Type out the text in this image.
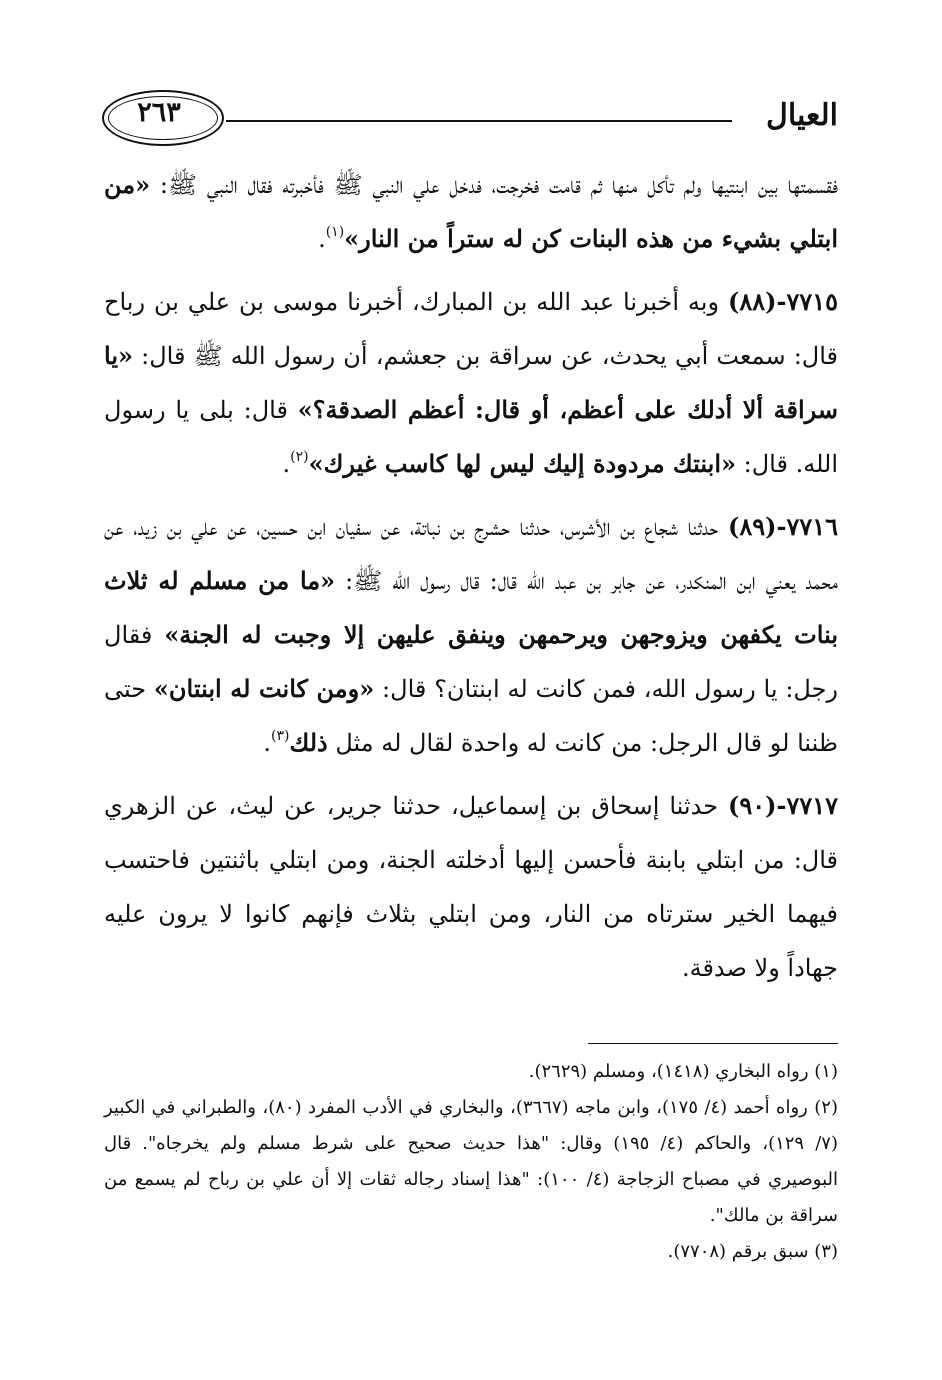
العيال
٢٦٣

فقسمتها بين ابنتيها ولم تأكل منها ثم قامت فخرجت، فدخل علي النبي ﷺ فأخبرته فقال النبي ﷺ: «من ابتلي بشيء من هذه البنات كن له ستراً من النار»$^{(١)}$.

٧٧١٥-(٨٨) وبه أخبرنا عبد الله بن المبارك، أخبرنا موسى بن علي بن رباح قال: سمعت أبي يحدث، عن سراقة بن جعشم، أن رسول الله ﷺ قال: «يا سراقة ألا أدلك على أعظم، أو قال: أعظم الصدقة؟» قال: بلى يا رسول الله. قال: «ابنتك مردودة إليك ليس لها كاسب غيرك»$^{(٢)}$.

٧٧١٦-(٨٩) حدثنا شجاع بن الأشرس، حدثنا حشرج بن نباتة، عن سفيان ابن حسين، عن علي بن زيد، عن محمد يعني ابن المنكدر، عن جابر بن عبد الله قال: قال رسول الله ﷺ: «ما من مسلم له ثلاث بنات يكفهن ويزوجهن ويرحمهن وينفق عليهن إلا وجبت له الجنة» فقال رجل: يا رسول الله، فمن كانت له ابنتان؟ قال: «ومن كانت له ابنتان» حتى ظننا لو قال الرجل: من كانت له واحدة لقال له مثل ذلك$^{(٣)}$.

٧٧١٧-(٩٠) حدثنا إسحاق بن إسماعيل، حدثنا جرير، عن ليث، عن الزهري قال: من ابتلي بابنة فأحسن إليها أدخلته الجنة، ومن ابتلي باثنتين فاحتسب فيهما الخير سترتاه من النار، ومن ابتلي بثلاث فإنهم كانوا لا يرون عليه جهاداً ولا صدقة.

(١) رواه البخاري (١٤١٨)، ومسلم (٢٦٢٩).

(٢) رواه أحمد (٤/ ١٧٥)، وابن ماجه (٣٦٦٧)، والبخاري في الأدب المفرد (٨٠)، والطبراني في الكبير (٧/ ١٢٩)، والحاكم (٤/ ١٩٥) وقال: "هذا حديث صحيح على شرط مسلم ولم يخرجاه". قال البوصيري في مصباح الزجاجة (٤/ ١٠٠): "هذا إسناد رجاله ثقات إلا أن علي بن رباح لم يسمع من سراقة بن مالك".

(٣) سبق برقم (٧٧٠٨).
